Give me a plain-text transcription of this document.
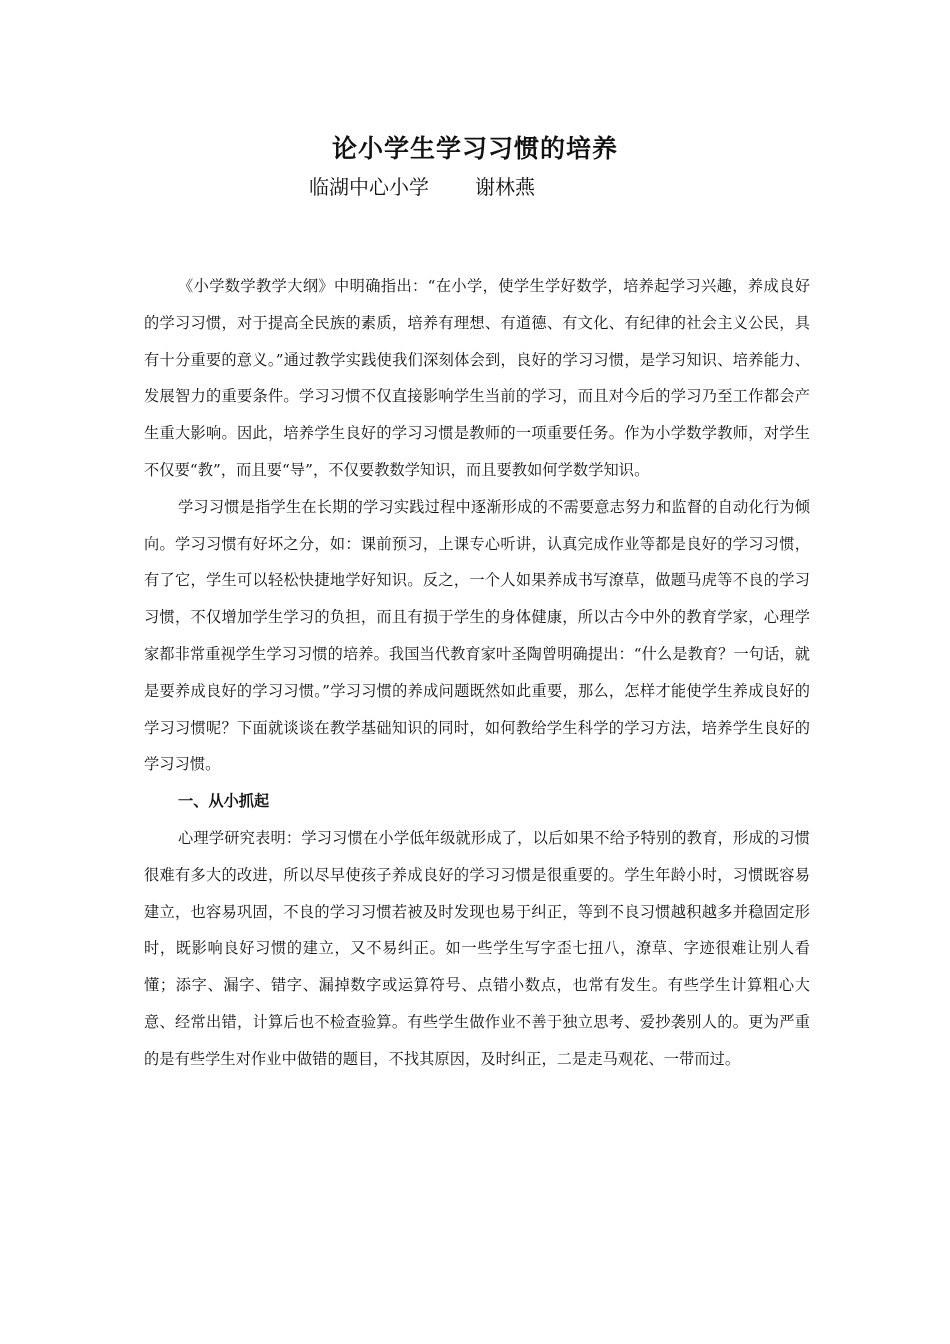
论小学生学习习惯的培养
临湖中心小学 谢林燕

《小学数学教学大纲》中明确指出：“在小学，使学生学好数学，培养起学习兴趣，养成良好的学习习惯，对于提高全民族的素质，培养有理想、有道德、有文化、有纪律的社会主义公民，具有十分重要的意义。”通过教学实践使我们深刻体会到，良好的学习习惯，是学习知识、培养能力、发展智力的重要条件。学习习惯不仅直接影响学生当前的学习，而且对今后的学习乃至工作都会产生重大影响。因此，培养学生良好的学习习惯是教师的一项重要任务。作为小学数学教师，对学生不仅要“教”，而且要“导”，不仅要教数学知识，而且要教如何学数学知识。

学习习惯是指学生在长期的学习实践过程中逐渐形成的不需要意志努力和监督的自动化行为倾向。学习习惯有好坏之分，如：课前预习，上课专心听讲，认真完成作业等都是良好的学习习惯，有了它，学生可以轻松快捷地学好知识。反之，一个人如果养成书写潦草，做题马虎等不良的学习习惯，不仅增加学生学习的负担，而且有损于学生的身体健康，所以古今中外的教育学家，心理学家都非常重视学生学习习惯的培养。我国当代教育家叶圣陶曾明确提出：“什么是教育？一句话，就是要养成良好的学习习惯。”学习习惯的养成问题既然如此重要，那么，怎样才能使学生养成良好的学习习惯呢？下面就谈谈在教学基础知识的同时，如何教给学生科学的学习方法，培养学生良好的学习习惯。

一、从小抓起

心理学研究表明：学习习惯在小学低年级就形成了，以后如果不给予特别的教育，形成的习惯很难有多大的改进，所以尽早使孩子养成良好的学习习惯是很重要的。学生年龄小时，习惯既容易建立，也容易巩固，不良的学习习惯若被及时发现也易于纠正，等到不良习惯越积越多并稳固定形时，既影响良好习惯的建立，又不易纠正。如一些学生写字歪七扭八，潦草、字迹很难让别人看懂；添字、漏字、错字、漏掉数字或运算符号、点错小数点，也常有发生。有些学生计算粗心大意、经常出错，计算后也不检查验算。有些学生做作业不善于独立思考、爱抄袭别人的。更为严重的是有些学生对作业中做错的题目，不找其原因，及时纠正，二是走马观花、一带而过。
